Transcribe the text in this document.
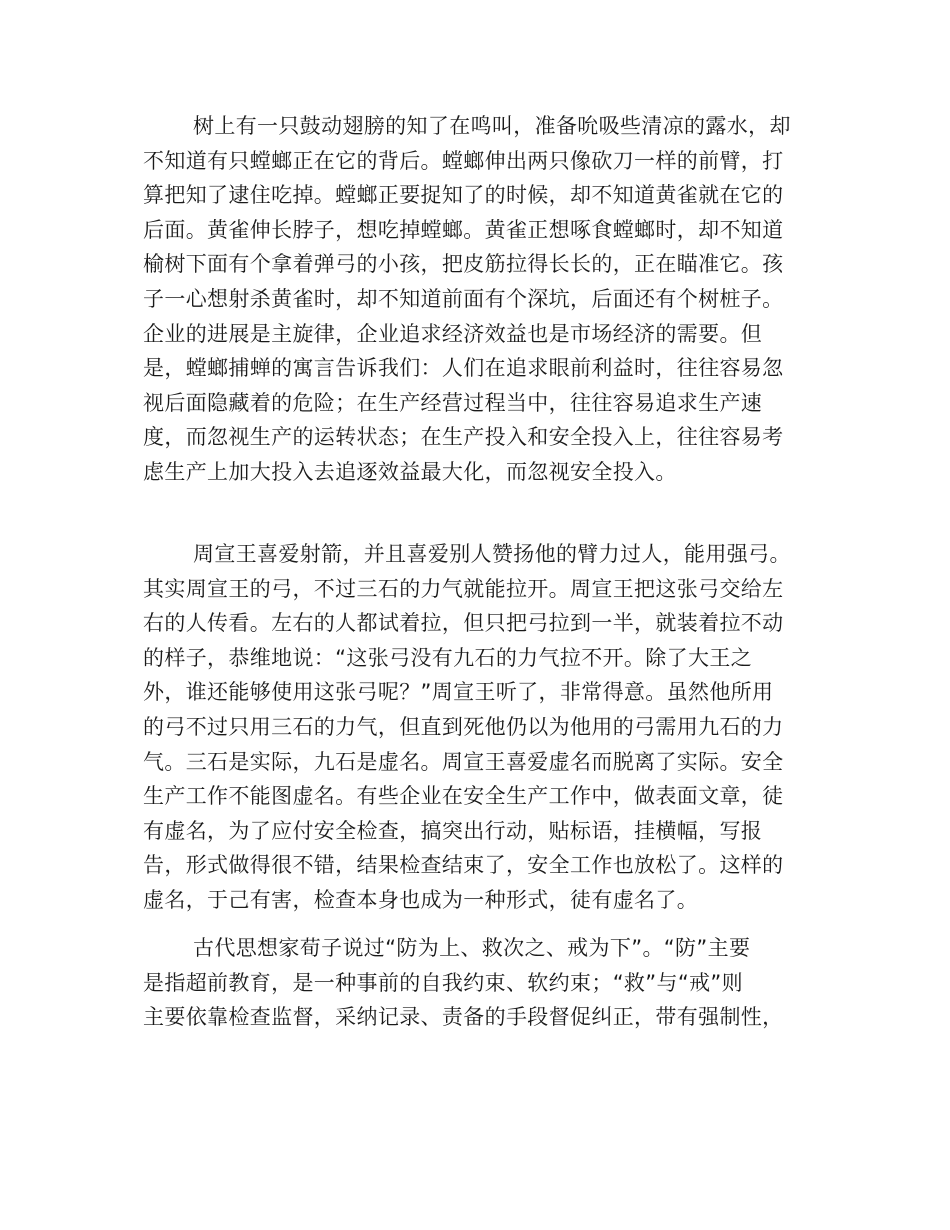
树上有一只鼓动翅膀的知了在鸣叫，准备吮吸些清凉的露水，却
不知道有只螳螂正在它的背后。螳螂伸出两只像砍刀一样的前臂，打
算把知了逮住吃掉。螳螂正要捉知了的时候，却不知道黄雀就在它的
后面。黄雀伸长脖子，想吃掉螳螂。黄雀正想啄食螳螂时，却不知道
榆树下面有个拿着弹弓的小孩，把皮筋拉得长长的，正在瞄准它。孩
子一心想射杀黄雀时，却不知道前面有个深坑，后面还有个树桩子。
企业的进展是主旋律，企业追求经济效益也是市场经济的需要。但
是，螳螂捕蝉的寓言告诉我们：人们在追求眼前利益时，往往容易忽
视后面隐藏着的危险；在生产经营过程当中，往往容易追求生产速
度，而忽视生产的运转状态；在生产投入和安全投入上，往往容易考
虑生产上加大投入去追逐效益最大化，而忽视安全投入。
周宣王喜爱射箭，并且喜爱别人赞扬他的臂力过人，能用强弓。
其实周宣王的弓，不过三石的力气就能拉开。周宣王把这张弓交给左
右的人传看。左右的人都试着拉，但只把弓拉到一半，就装着拉不动
的样子，恭维地说：“这张弓没有九石的力气拉不开。除了大王之
外，谁还能够使用这张弓呢？”周宣王听了，非常得意。虽然他所用
的弓不过只用三石的力气，但直到死他仍以为他用的弓需用九石的力
气。三石是实际，九石是虚名。周宣王喜爱虚名而脱离了实际。安全
生产工作不能图虚名。有些企业在安全生产工作中，做表面文章，徒
有虚名，为了应付安全检查，搞突出行动，贴标语，挂横幅，写报
告，形式做得很不错，结果检查结束了，安全工作也放松了。这样的
虚名，于己有害，检查本身也成为一种形式，徒有虚名了。
古代思想家荀子说过“防为上、救次之、戒为下”。“防”主要
是指超前教育，是一种事前的自我约束、软约束；“救”与“戒”则
主要依靠检查监督，采纳记录、责备的手段督促纠正，带有强制性，
